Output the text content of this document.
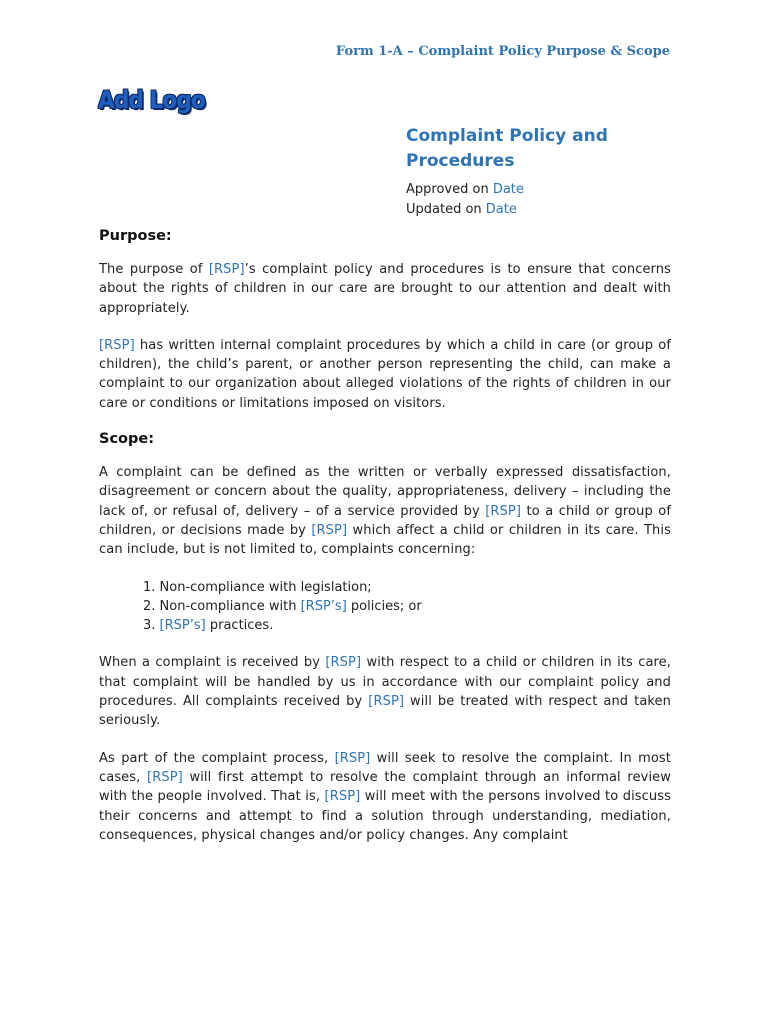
Form 1-A – Complaint Policy Purpose & Scope
Add Logo
Complaint Policy and
Procedures
Approved on Date
Updated on Date
Purpose:

The purpose of [RSP]’s complaint policy and procedures is to ensure that concerns about the rights of children in our care are brought to our attention and dealt with appropriately.

[RSP] has written internal complaint procedures by which a child in care (or group of children), the child’s parent, or another person representing the child, can make a complaint to our organization about alleged violations of the rights of children in our care or conditions or limitations imposed on visitors.

Scope:

A complaint can be defined as the written or verbally expressed dissatisfaction, disagreement or concern about the quality, appropriateness, delivery – including the lack of, or refusal of, delivery – of a service provided by [RSP] to a child or group of children, or decisions made by [RSP] which affect a child or children in its care. This can include, but is not limited to, complaints concerning:

1. Non-compliance with legislation;
2. Non-compliance with [RSP’s] policies; or
3. [RSP’s] practices.

When a complaint is received by [RSP] with respect to a child or children in its care, that complaint will be handled by us in accordance with our complaint policy and procedures. All complaints received by [RSP] will be treated with respect and taken seriously.

As part of the complaint process, [RSP] will seek to resolve the complaint. In most cases, [RSP] will first attempt to resolve the complaint through an informal review with the people involved. That is, [RSP] will meet with the persons involved to discuss their concerns and attempt to find a solution through understanding, mediation, consequences, physical changes and/or policy changes. Any complaint
